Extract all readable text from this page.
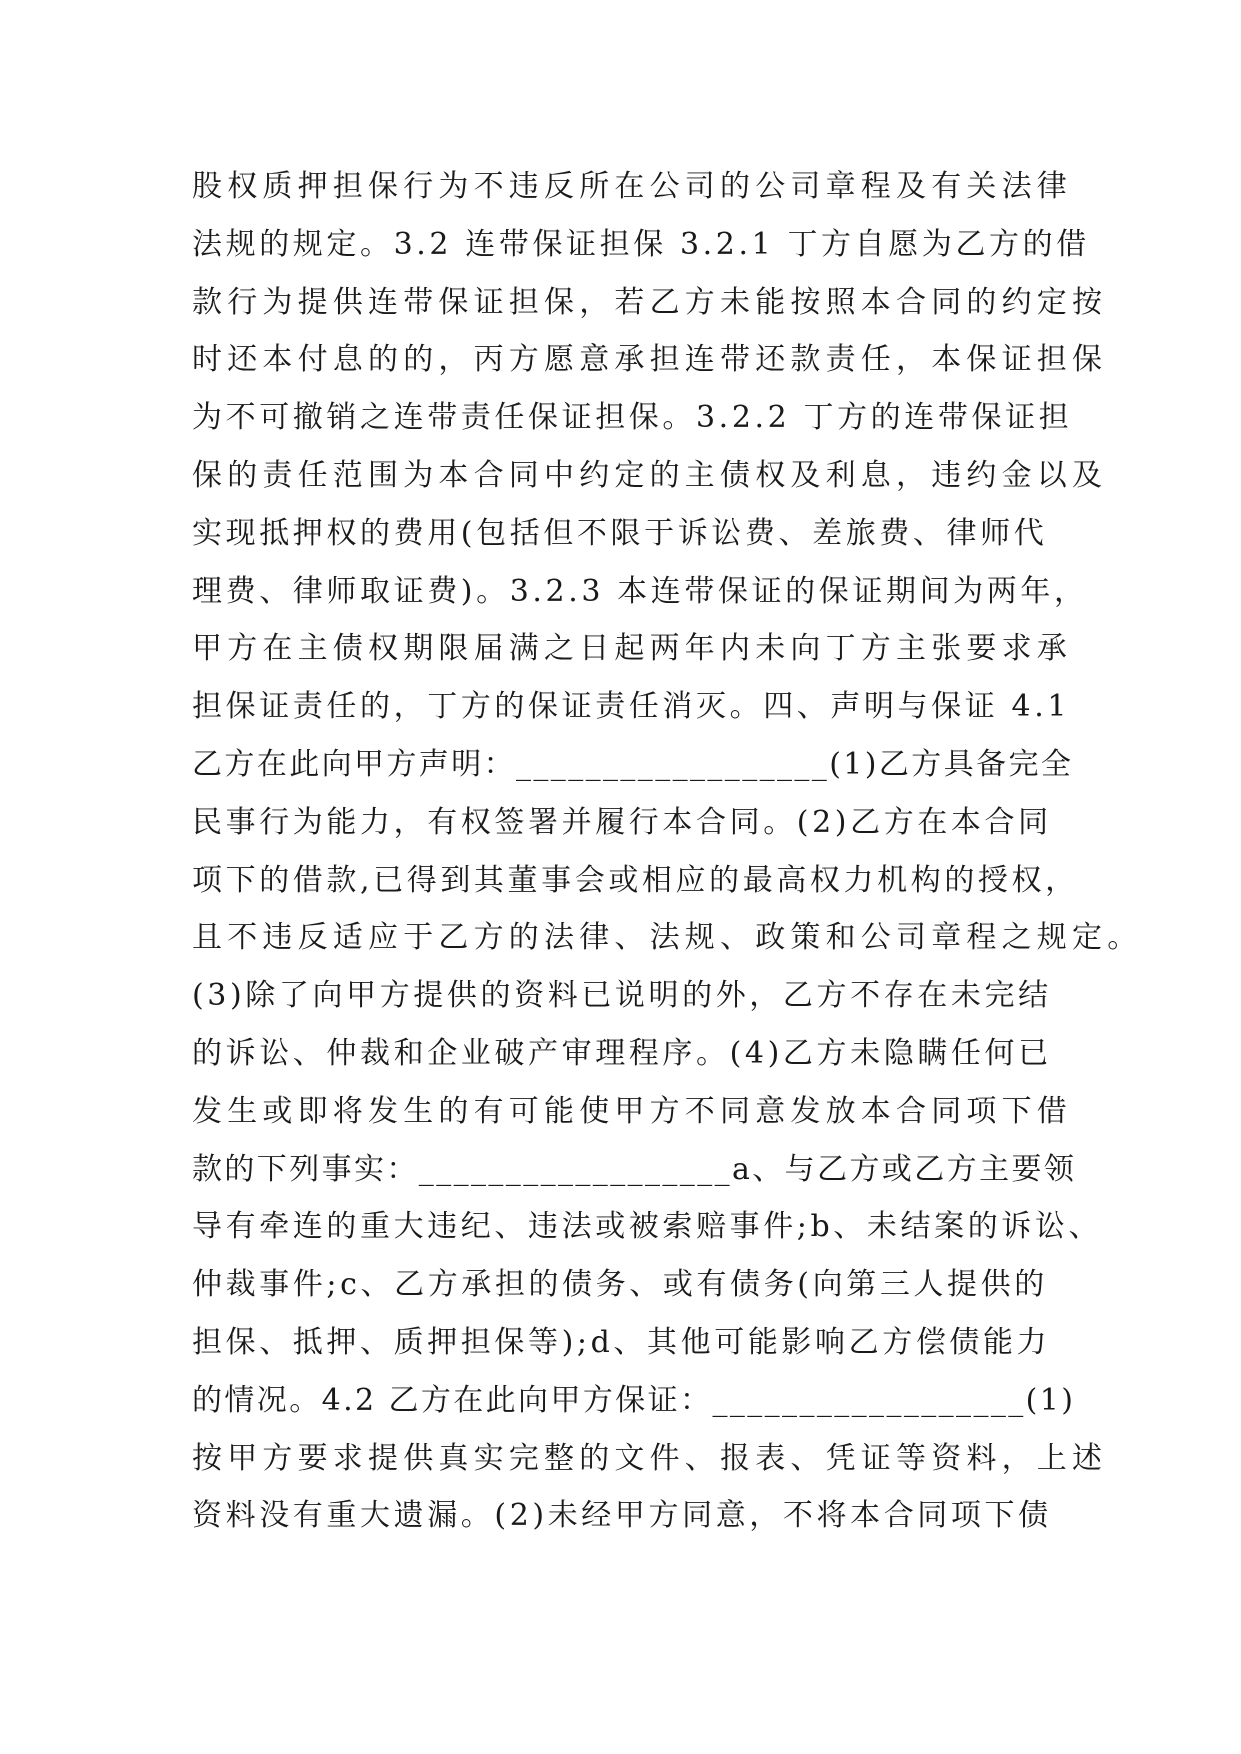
股权质押担保行为不违反所在公司的公司章程及有关法律
法规的规定。3.2 连带保证担保 3.2.1 丁方自愿为乙方的借
款行为提供连带保证担保，若乙方未能按照本合同的约定按
时还本付息的的，丙方愿意承担连带还款责任，本保证担保
为不可撤销之连带责任保证担保。3.2.2 丁方的连带保证担
保的责任范围为本合同中约定的主债权及利息，违约金以及
实现抵押权的费用(包括但不限于诉讼费、差旅费、律师代
理费、律师取证费)。3.2.3 本连带保证的保证期间为两年，
甲方在主债权期限届满之日起两年内未向丁方主张要求承
担保证责任的，丁方的保证责任消灭。四、声明与保证 4.1
乙方在此向甲方声明：__________________(1)乙方具备完全
民事行为能力，有权签署并履行本合同。(2)乙方在本合同
项下的借款,已得到其董事会或相应的最高权力机构的授权，
且不违反适应于乙方的法律、法规、政策和公司章程之规定。
(3)除了向甲方提供的资料已说明的外，乙方不存在未完结
的诉讼、仲裁和企业破产审理程序。(4)乙方未隐瞒任何已
发生或即将发生的有可能使甲方不同意发放本合同项下借
款的下列事实：__________________a、与乙方或乙方主要领
导有牵连的重大违纪、违法或被索赔事件;b、未结案的诉讼、
仲裁事件;c、乙方承担的债务、或有债务(向第三人提供的
担保、抵押、质押担保等);d、其他可能影响乙方偿债能力
的情况。4.2 乙方在此向甲方保证：__________________(1)
按甲方要求提供真实完整的文件、报表、凭证等资料，上述
资料没有重大遗漏。(2)未经甲方同意，不将本合同项下债
